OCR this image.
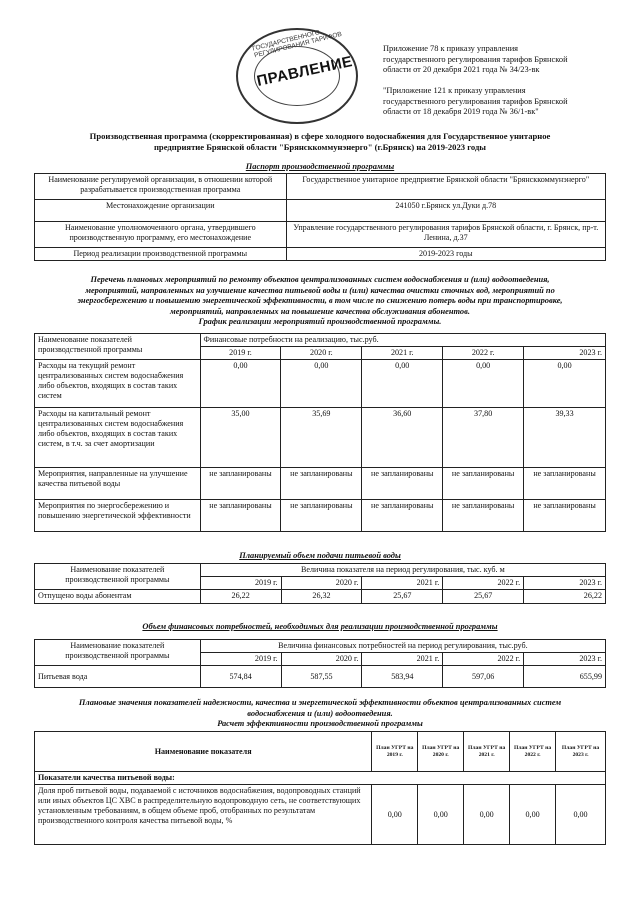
Приложение 78 к приказу управления
государственного регулирования тарифов Брянской
области от 20 декабря 2021 года № 34/23-вк
"Приложение 121 к приказу управления
государственного регулирования тарифов Брянской
области от 18 декабря 2019 года № 36/1-вк"
ГОСУДАРСТВЕННОГО РЕГУЛИРОВАНИЯ ТАРИФОВ
ПРАВЛЕНИЕ
Производственная программа (скорректированная) в сфере холодного водоснабжения для Государственное унитарное
предприятие Брянской области "Брянсккоммунэнерго" (г.Брянск) на 2019-2023 годы
Паспорт производственной программы
Наименование регулируемой организации, в отношении которой разрабатывается производственная программа	Государственное унитарное предприятие Брянской области "Брянсккоммунэнерго"
Местонахождение организации	241050 г.Брянск ул.Дуки д.78
Наименование уполномоченного органа, утвердившего производственную программу, его местонахождение	Управление государственного регулирования тарифов Брянской области, г. Брянск, пр-т. Ленина, д.37
Период реализации производственной программы	2019-2023 годы
Перечень плановых мероприятий по ремонту объектов централизованных систем водоснабжения и (или) водоотведения,
мероприятий, направленных на улучшение качества питьевой воды и (или) качества очистки сточных вод, мероприятий по
энергосбережению и повышению энергетической эффективности, в том числе по снижению потерь воды при транспортировке,
мероприятий, направленных на повышение качества обслуживания абонентов.
График реализации мероприятий производственной программы.
Наименование показателей производственной программы	Финансовые потребности на реализацию, тыс.руб.				
	2019 г.	2020 г.	2021 г.	2022 г.	2023 г.
Расходы на текущий ремонт централизованных систем водоснабжения либо объектов, входящих в состав таких систем	0,00	0,00	0,00	0,00	0,00
Расходы на капитальный ремонт централизованных систем водоснабжения либо объектов, входящих в состав таких систем, в т.ч. за счет амортизации	35,00	35,69	36,60	37,80	39,33
Мероприятия, направленные на улучшение качества питьевой воды	не запланированы	не запланированы	не запланированы	не запланированы	не запланированы
Мероприятия по энергосбережению и повышению энергетической эффективности	не запланированы	не запланированы	не запланированы	не запланированы	не запланированы
Планируемый объем подачи питьевой воды
Наименование показателей производственной программы	Величина показателя на период регулирования, тыс. куб. м				
	2019 г.	2020 г.	2021 г.	2022 г.	2023 г.
Отпущено воды абонентам	26,22	26,32	25,67	25,67	26,22
Объем финансовых потребностей, необходимых для реализации производственной программы
Наименование показателей производственной программы	Величина финансовых потребностей на период регулирования, тыс.руб.				
	2019 г.	2020 г.	2021 г.	2022 г.	2023 г.
Питьевая вода	574,84	587,55	583,94	597,06	655,99
Плановые значения показателей надежности, качества и энергетической эффективности объектов централизованных систем
водоснабжения и (или) водоотведения.
Расчет эффективности производственной программы
Наименование показателя	План УГРТ на 2019 г.	План УГРТ на 2020 г.	План УГРТ на 2021 г.	План УГРТ на 2022 г.	План УГРТ на 2023 г.
Показатели качества питьевой воды:					
Доля проб питьевой воды, подаваемой с источников водоснабжения, водопроводных станций или иных объектов ЦС ХВС в распределительную водопроводную сеть, не соответствующих установленным требованиям, в общем объеме проб, отобранных по результатам производственного контроля качества питьевой воды, %	0,00	0,00	0,00	0,00	0,00
